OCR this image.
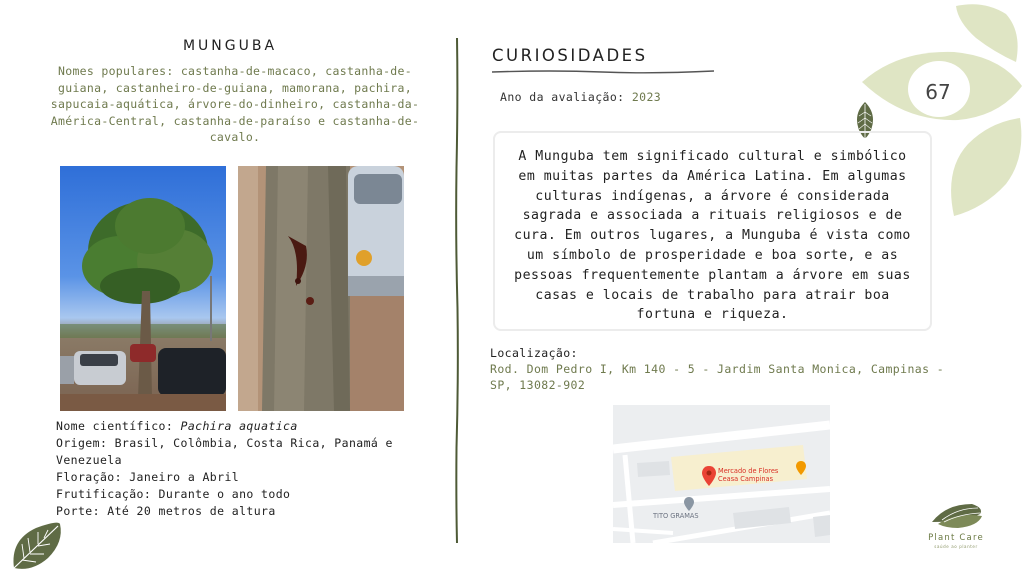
MUNGUBA
Nomes populares: castanha-de-macaco, castanha-de-guiana, castanheiro-de-guiana, mamorana, pachira, sapucaia-aquática, árvore-do-dinheiro, castanha-da-América-Central, castanha-de-paraíso e castanha-de-cavalo.

Nome científico: Pachira aquatica

Origem: Brasil, Colômbia, Costa Rica, Panamá e Venezuela

Floração: Janeiro a Abril

Frutificação: Durante o ano todo

Porte: Até 20 metros de altura

CURIOSIDADES
Ano da avaliação: 2023

A Munguba tem significado cultural e simbólico em muitas partes da América Latina. Em algumas culturas indígenas, a árvore é considerada sagrada e associada a rituais religiosos e de cura. Em outros lugares, a Munguba é vista como um símbolo de prosperidade e boa sorte, e as pessoas frequentemente plantam a árvore em suas casas e locais de trabalho para atrair boa fortuna e riqueza.

Localização:
Rod. Dom Pedro I, Km 140 - 5 - Jardim Santa Monica, Campinas - SP, 13082-902
Mercado de Flores
Ceasa Campinas
TITO GRAMAS
67
Plant Care
saúde ao planter
